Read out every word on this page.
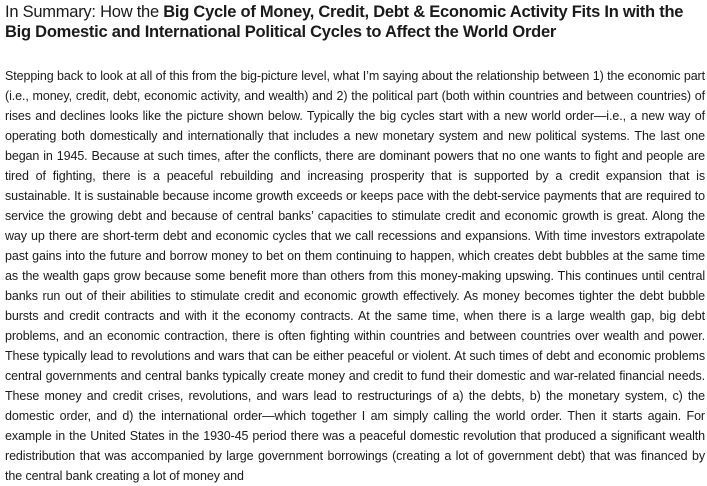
In Summary: How the Big Cycle of Money, Credit, Debt & Economic Activity Fits In with the Big Domestic and International Political Cycles to Affect the World Order

Stepping back to look at all of this from the big-picture level, what I’m saying about the relationship between 1) the economic part (i.e., money, credit, debt, economic activity, and wealth) and 2) the political part (both within countries and between countries) of rises and declines looks like the picture shown below. Typically the big cycles start with a new world order—i.e., a new way of operating both domestically and internationally that includes a new monetary system and new political systems. The last one began in 1945. Because at such times, after the conflicts, there are dominant powers that no one wants to fight and people are tired of fighting, there is a peaceful rebuilding and increasing prosperity that is supported by a credit expansion that is sustainable. It is sustainable because income growth exceeds or keeps pace with the debt-service payments that are required to service the growing debt and because of central banks’ capacities to stimulate credit and economic growth is great. Along the way up there are short-term debt and economic cycles that we call recessions and expansions. With time investors extrapolate past gains into the future and borrow money to bet on them continuing to happen, which creates debt bubbles at the same time as the wealth gaps grow because some benefit more than others from this money-making upswing. This continues until central banks run out of their abilities to stimulate credit and economic growth effectively. As money becomes tighter the debt bubble bursts and credit contracts and with it the economy contracts. At the same time, when there is a large wealth gap, big debt problems, and an economic contraction, there is often fighting within countries and between countries over wealth and power. These typically lead to revolutions and wars that can be either peaceful or violent. At such times of debt and economic problems central governments and central banks typically create money and credit to fund their domestic and war-related financial needs. These money and credit crises, revolutions, and wars lead to restructurings of a) the debts, b) the monetary system, c) the domestic order, and d) the international order—which together I am simply calling the world order. Then it starts again. For example in the United States in the 1930-45 period there was a peaceful domestic revolution that produced a significant wealth redistribution that was accompanied by large government borrowings (creating a lot of government debt) that was financed by the central bank creating a lot of money and
